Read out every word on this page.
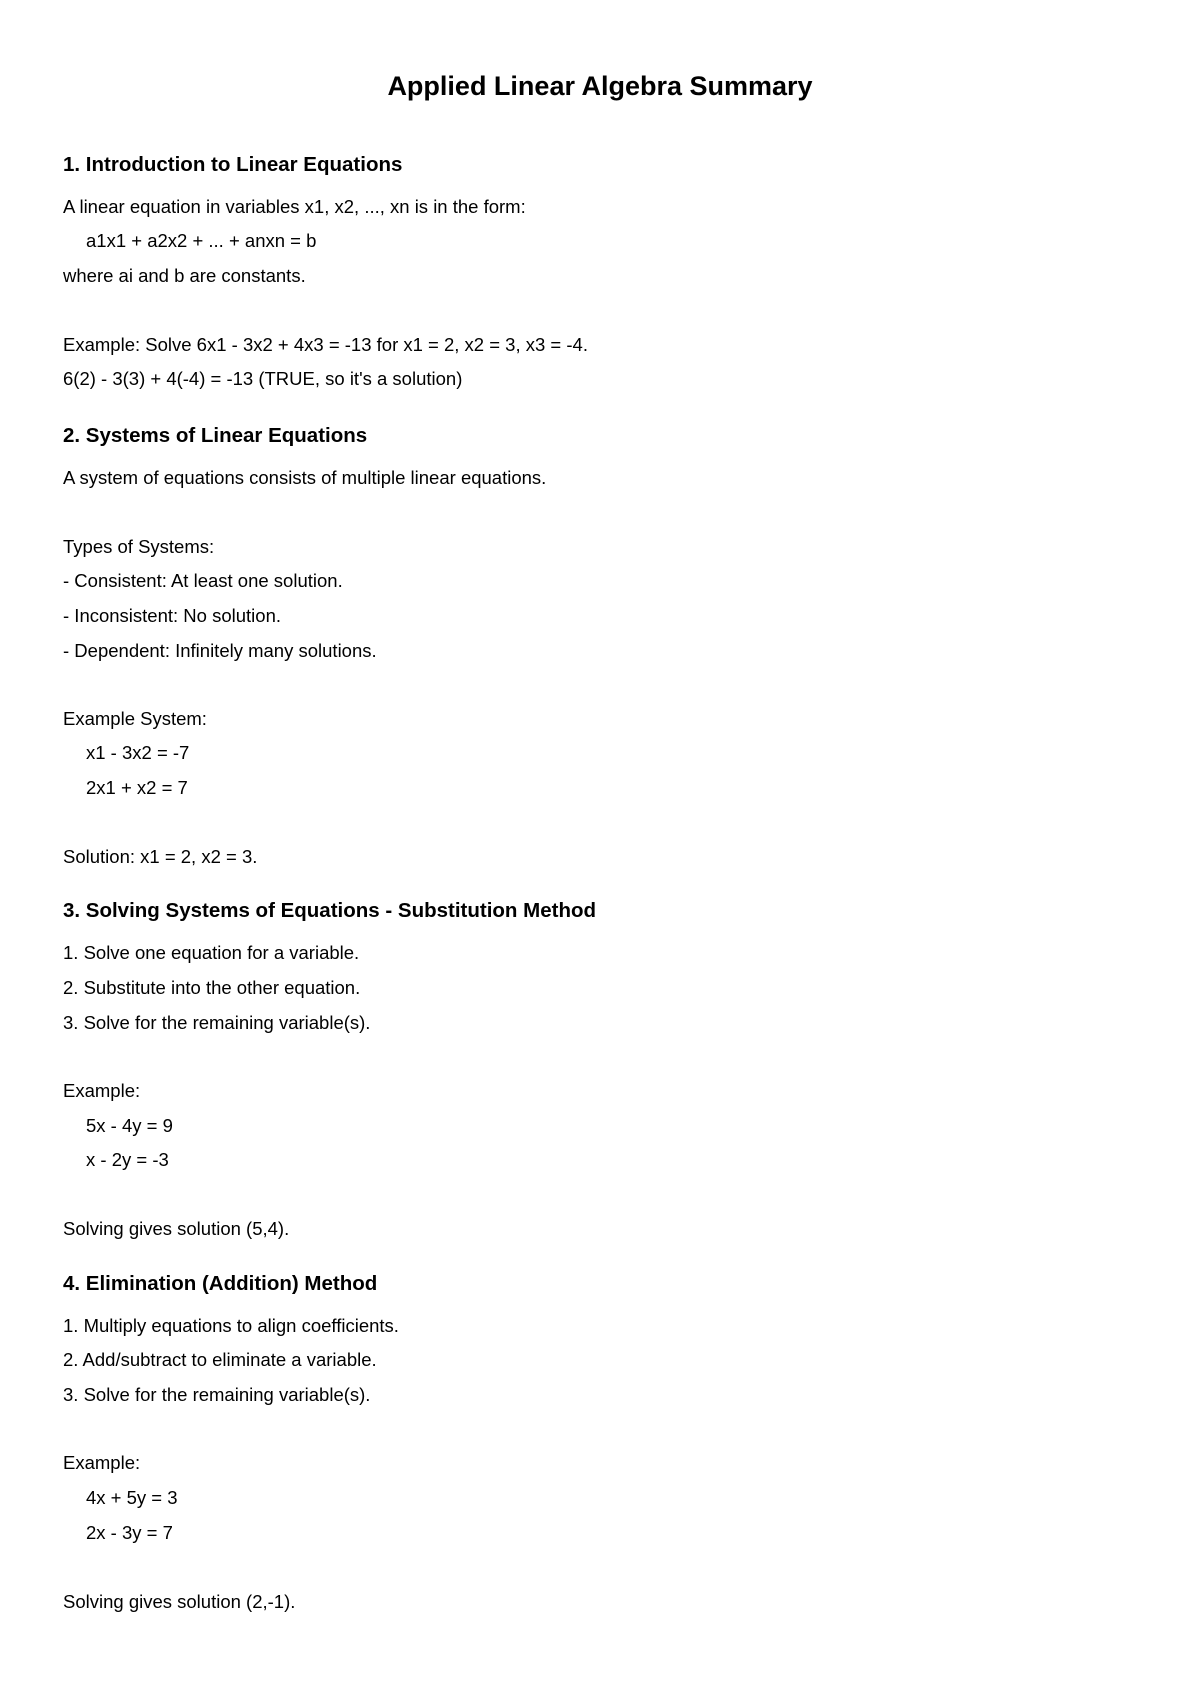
Applied Linear Algebra Summary
1. Introduction to Linear Equations
A linear equation in variables x1, x2, ..., xn is in the form:
a1x1 + a2x2 + ... + anxn = b
where ai and b are constants.
Example: Solve 6x1 - 3x2 + 4x3 = -13 for x1 = 2, x2 = 3, x3 = -4.
6(2) - 3(3) + 4(-4) = -13 (TRUE, so it's a solution)
2. Systems of Linear Equations
A system of equations consists of multiple linear equations.
Types of Systems:
- Consistent: At least one solution.
- Inconsistent: No solution.
- Dependent: Infinitely many solutions.
Example System:
x1 - 3x2 = -7
2x1 + x2 = 7
Solution: x1 = 2, x2 = 3.
3. Solving Systems of Equations - Substitution Method
1. Solve one equation for a variable.
2. Substitute into the other equation.
3. Solve for the remaining variable(s).
Example:
5x - 4y = 9
x - 2y = -3
Solving gives solution (5,4).
4. Elimination (Addition) Method
1. Multiply equations to align coefficients.
2. Add/subtract to eliminate a variable.
3. Solve for the remaining variable(s).
Example:
4x + 5y = 3
2x - 3y = 7
Solving gives solution (2,-1).
